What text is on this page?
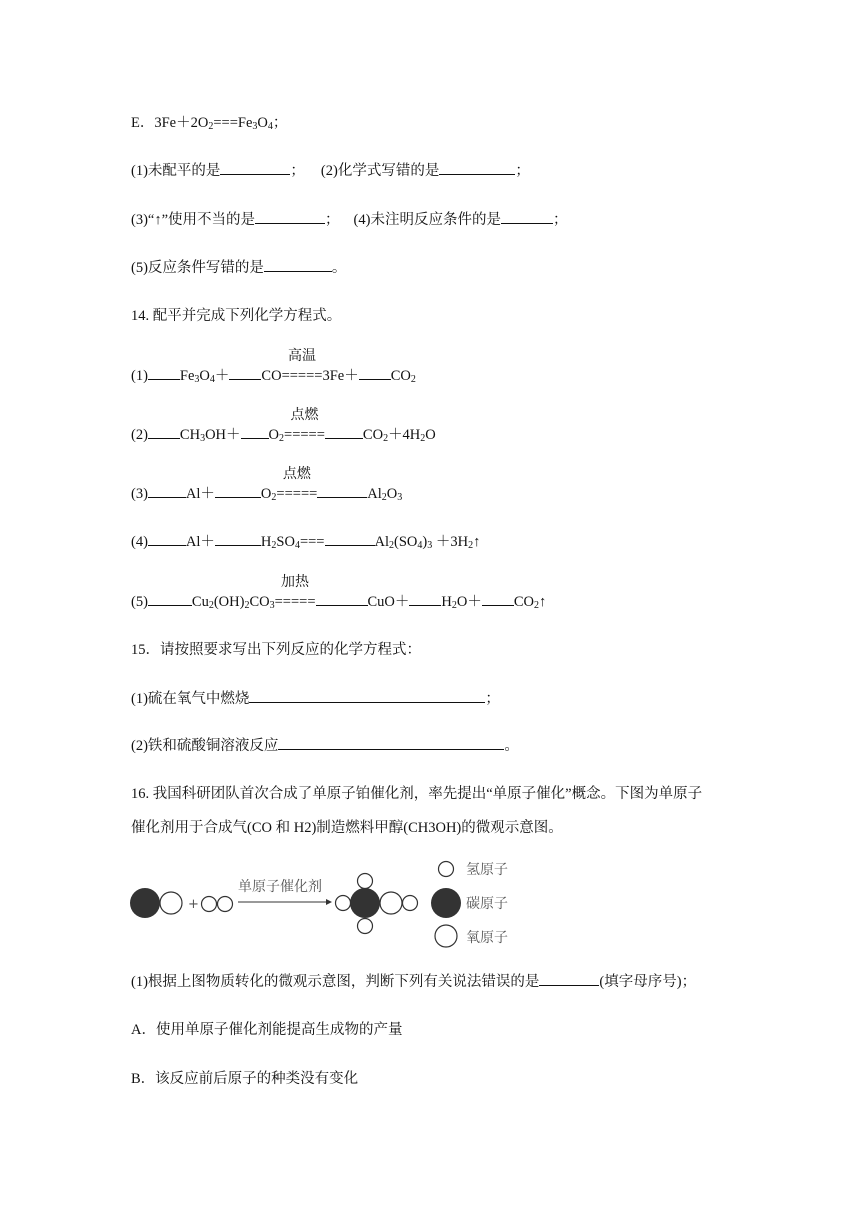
E．$3Fe+2O_2===Fe_3O_4$；
(1)未配平的是	； (2)化学式写错的是	；
(3)“↑”使用不当的是	； (4)未注明反应条件的是	；
(5)反应条件写错的是	。
14. 配平并完成下列化学方程式。
(1) $Fe_3O_4+$ CO
高温
$=====3Fe+ CO_2$
(2) $CH_3OH+ O_2$
点燃
=====	$CO_2+4H_2O$
(3)	Al＋	$O_2$
点燃
=====	$Al_2O_3$
(4)	Al＋	$H_2SO_4===$	$Al_2(SO_4)_3$ $+3H_2↑$
(5)	$Cu_2(OH)_2CO_3$
加热
=====	$CuO+ H_2O+$ $CO_2↑$
15．请按照要求写出下列反应的化学方程式：
(1)硫在氧气中燃烧	；
(2)铁和硫酸铜溶液反应	。
16. 我国科研团队首次合成了单原子铂催化剂，率先提出“单原子催化”概念。下图为单原子
催化剂用于合成气(CO 和 H2)制造燃料甲醇(CH3OH)的微观示意图。
+
单原子催化剂
氢原子
碳原子
氧原子
(1)根据上图物质转化的微观示意图，判断下列有关说法错误的是	(填字母序号)；
A．使用单原子催化剂能提高生成物的产量
B．该反应前后原子的种类没有变化
